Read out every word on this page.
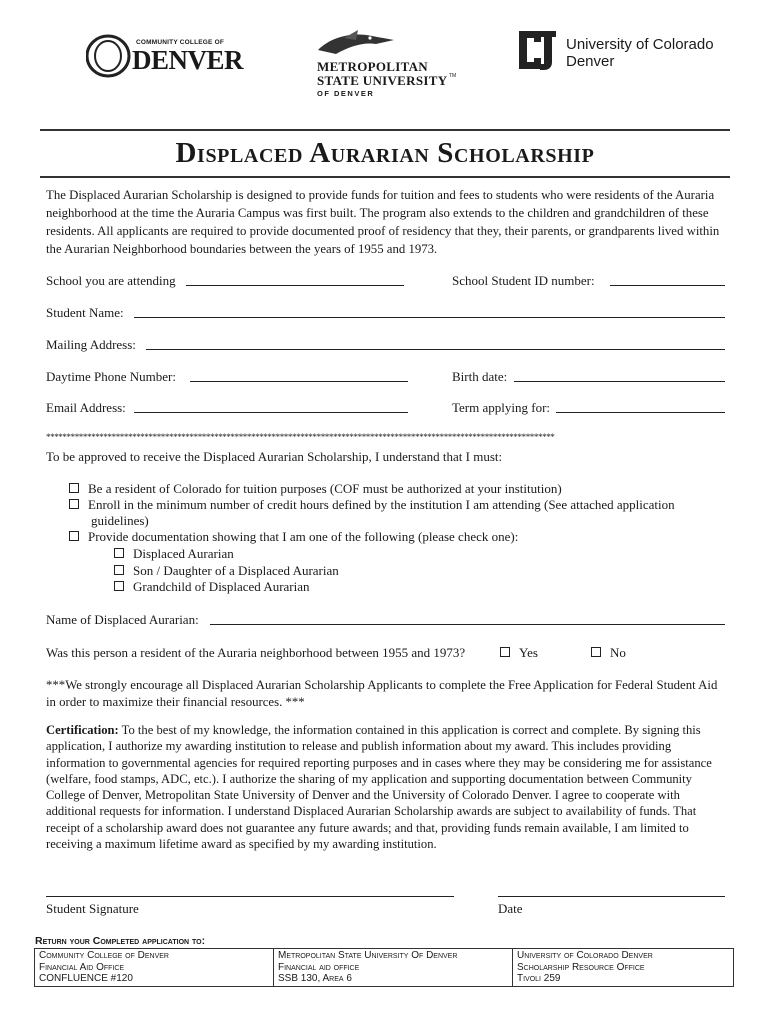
COMMUNITY COLLEGE OF
DENVER	METROPOLITAN
STATE UNIVERSITY TM
OF DENVER
University of Colorado
Denver
Displaced Aurarian Scholarship
The Displaced Aurarian Scholarship is designed to provide funds for tuition and fees to students who were residents of the Auraria neighborhood at the time the Auraria Campus was first built. The program also extends to the children and grandchildren of these residents. All applicants are required to provide documented proof of residency that they, their parents, or grandparents lived within the Aurarian Neighborhood boundaries between the years of 1955 and 1973.
School you are attending	School Student ID number:
Student Name:
Mailing Address:
Daytime Phone Number:	Birth date:
Email Address:	Term applying for:
****************************************************************************************************************************
To be approved to receive the Displaced Aurarian Scholarship, I understand that I must:
Be a resident of Colorado for tuition purposes (COF must be authorized at your institution)
Enroll in the minimum number of credit hours defined by the institution I am attending (See attached application
guidelines)
Provide documentation showing that I am one of the following (please check one):
Displaced Aurarian
Son / Daughter of a Displaced Aurarian
Grandchild of Displaced Aurarian
Name of Displaced Aurarian:
Was this person a resident of the Auraria neighborhood between 1955 and 1973?	Yes	No
***We strongly encourage all Displaced Aurarian Scholarship Applicants to complete the Free Application for Federal Student Aid in order to maximize their financial resources. ***
Certification: To the best of my knowledge, the information contained in this application is correct and complete. By signing this application, I authorize my awarding institution to release and publish information about my award. This includes providing information to governmental agencies for required reporting purposes and in cases where they may be considering me for assistance (welfare, food stamps, ADC, etc.). I authorize the sharing of my application and supporting documentation between Community College of Denver, Metropolitan State University of Denver and the University of Colorado Denver. I agree to cooperate with additional requests for information. I understand Displaced Aurarian Scholarship awards are subject to availability of funds. That receipt of a scholarship award does not guarantee any future awards; and that, providing funds remain available, I am limited to receiving a maximum lifetime award as specified by my awarding institution.
Student Signature	Date
Return your Completed application to:
Community College of Denver
Financial Aid Office
CONFLUENCE #120

Metropolitan State University Of Denver
Financial aid office
SSB 130, Area 6

University of Colorado Denver
Scholarship Resource Office
Tivoli 259
